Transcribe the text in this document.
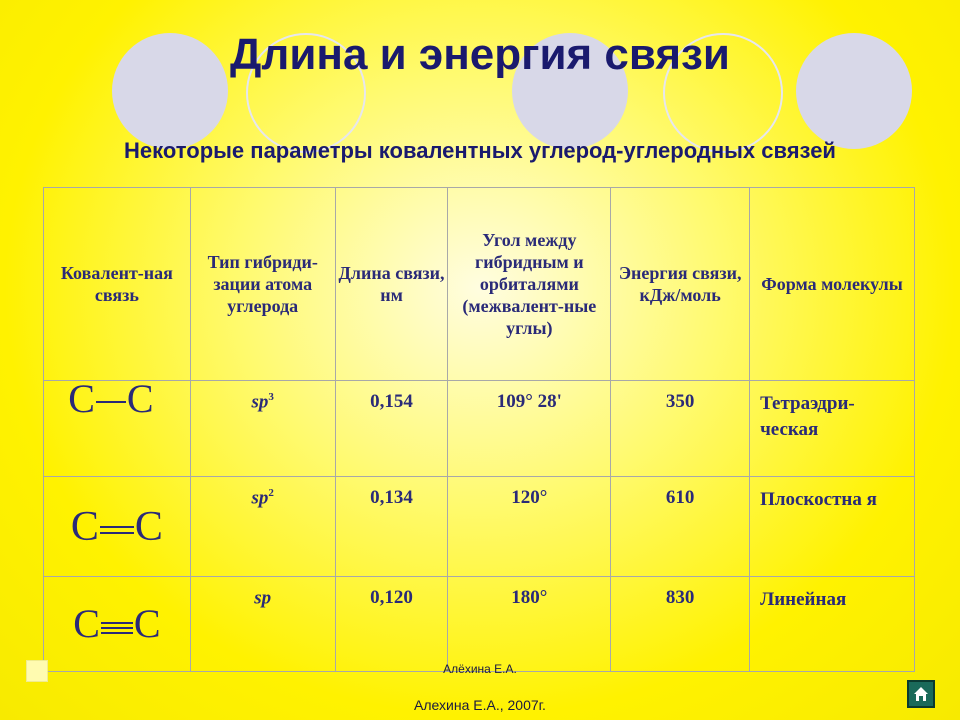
Длина и энергия связи
Некоторые параметры ковалентных углерод-углеродных связей
Ковалент-ная связь	Тип гибриди-зации атома углерода	Длина связи, нм	Угол между гибридным и орбиталями (межвалент-ные углы)	Энергия связи, кДж/моль	Форма молекулы
C C	$sp^3$	0,154	109° 28'	350	Тетраэдри-ческая
C C	$sp^2$	0,134	120°	610	Плоскостна я
C C	sp	0,120	180°	830	Линейная
Алёхина Е.А.
Алехина Е.А., 2007г.
